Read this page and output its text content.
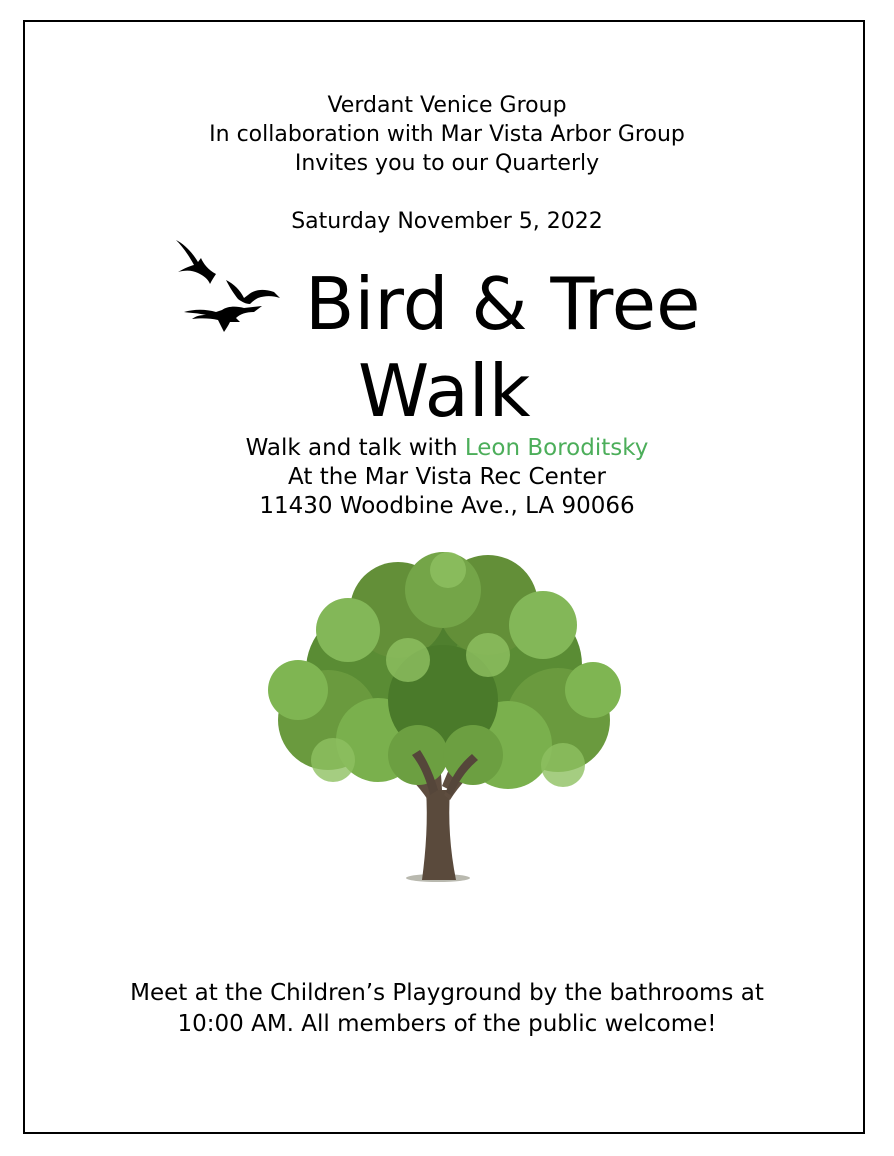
Verdant Venice Group
In collaboration with Mar Vista Arbor Group
Invites you to our Quarterly
Saturday November 5, 2022
Bird & Tree
Walk
Walk and talk with Leon Boroditsky
At the Mar Vista Rec Center
11430 Woodbine Ave., LA 90066
Meet at the Children’s Playground by the bathrooms at
10:00 AM. All members of the public welcome!
